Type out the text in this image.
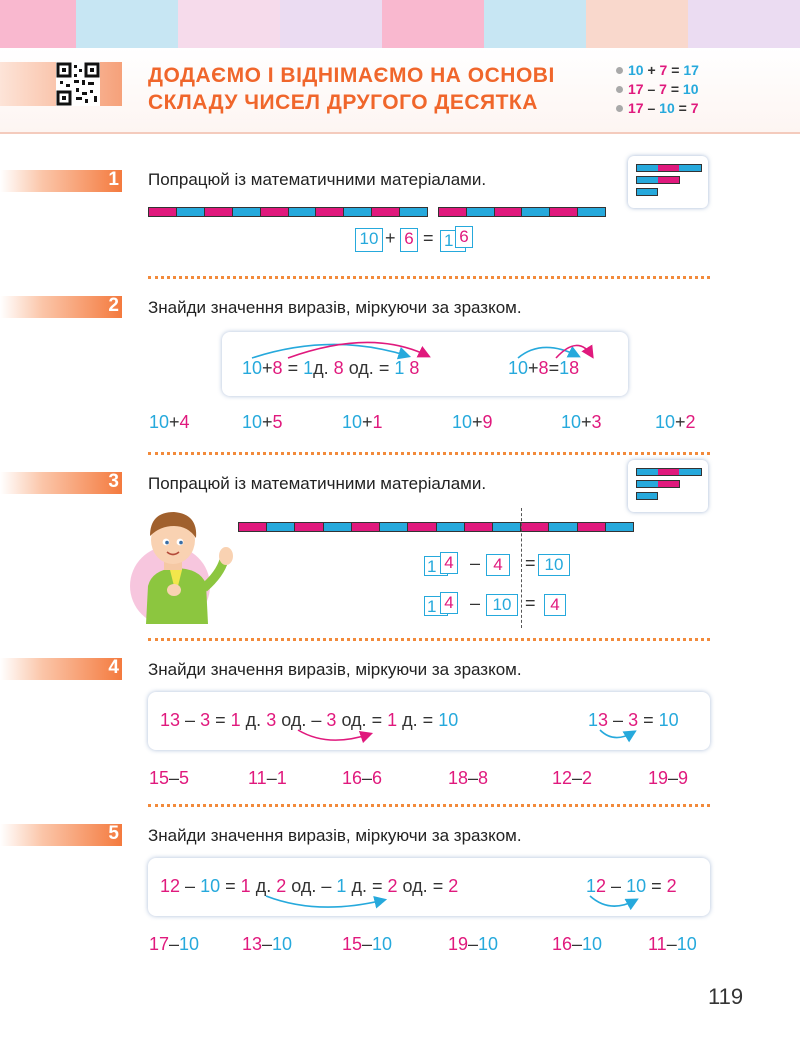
ДОДАЄМО І ВІДНІМАЄМО НА ОСНОВІ
СКЛАДУ ЧИСЕЛ ДРУГОГО ДЕСЯТКА
10 + 7 = 17
17 – 7 = 10
17 – 10 = 7
1 Попрацюй із математичними матеріалами.
10 + 6 = 1 6
2 Знайди значення виразів, міркуючи за зразком.
10+8 = 1д. 8 од. = 1 8	10+8=18
10+4	10+5	10+1	10+9	10+3	10+2
3 Попрацюй із математичними матеріалами.
1 4 – 4	= 10
1 4 – 10 = 4
4 Знайди значення виразів, міркуючи за зразком.
13 – 3 = 1 д. 3 од. – 3 од. = 1 д. = 10	13 – 3 = 10
15–5	11–1	16–6	18–8	12–2	19–9
5 Знайди значення виразів, міркуючи за зразком.
12 – 10 = 1 д. 2 од. – 1 д. = 2 од. = 2	12 – 10 = 2
17–10 13–10	15–10	19–10	16–10	11–10
119
